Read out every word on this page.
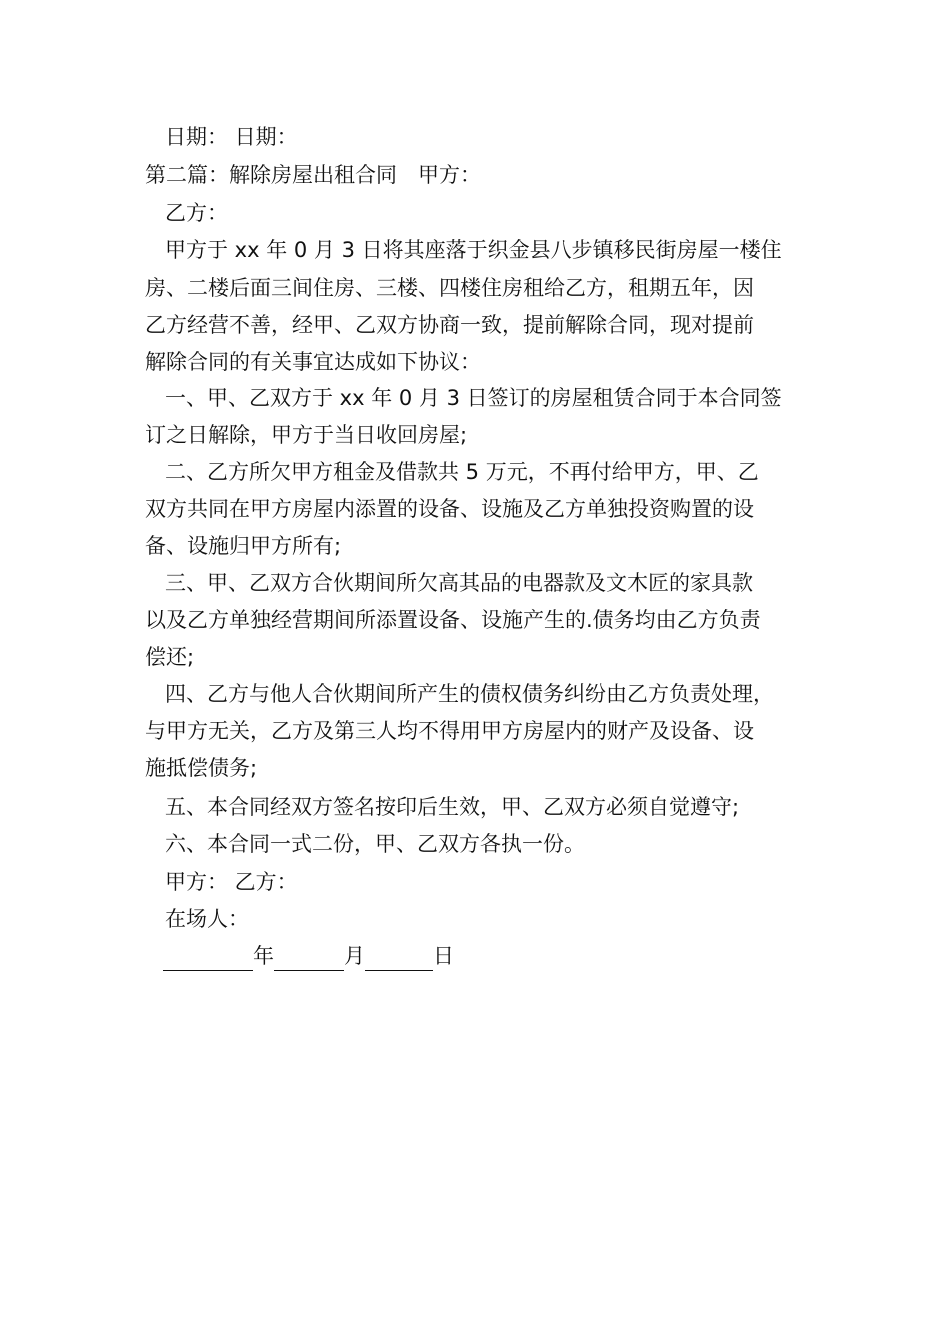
日期： 日期：

第二篇：解除房屋出租合同　甲方：

乙方：

甲方于 xx 年 0 月 3 日将其座落于织金县八步镇移民街房屋一楼住

房、二楼后面三间住房、三楼、四楼住房租给乙方，租期五年，因

乙方经营不善，经甲、乙双方协商一致，提前解除合同，现对提前

解除合同的有关事宜达成如下协议：

一、甲、乙双方于 xx 年 0 月 3 日签订的房屋租赁合同于本合同签

订之日解除，甲方于当日收回房屋;

二、乙方所欠甲方租金及借款共 5 万元，不再付给甲方，甲、乙

双方共同在甲方房屋内添置的设备、设施及乙方单独投资购置的设

备、设施归甲方所有;

三、甲、乙双方合伙期间所欠高其品的电器款及文木匠的家具款

以及乙方单独经营期间所添置设备、设施产生的.债务均由乙方负责

偿还;

四、乙方与他人合伙期间所产生的债权债务纠纷由乙方负责处理，

与甲方无关，乙方及第三人均不得用甲方房屋内的财产及设备、设

施抵偿债务;

五、本合同经双方签名按印后生效，甲、乙双方必须自觉遵守;

六、本合同一式二份，甲、乙双方各执一份。

甲方： 乙方：

在场人：

年	月	日
